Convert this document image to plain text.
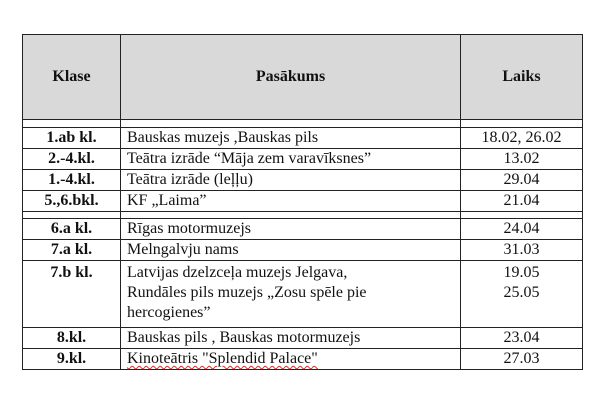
Klase	Pasākums	Laiks

1.ab kl.	Bauskas muzejs ,Bauskas pils	18.02, 26.02

2.-4.kl.	Teātra izrāde “Māja zem varavīksnes”	13.02

1.-4.kl.	Teātra izrāde (leļļu)	29.04

5.,6.bkl.	KF „Laima”	21.04

6.a kl.	Rīgas motormuzejs	24.04

7.a kl.	Melngalvju nams	31.03

7.b kl.	Latvijas dzelzceļa muzejs Jelgava,
Rundāles pils muzejs „Zosu spēle pie
hercogienes”	19.05
25.05

8.kl.	Bauskas pils , Bauskas motormuzejs	23.04

9.kl.	Kinoteātris "Splendid Palace"	27.03
